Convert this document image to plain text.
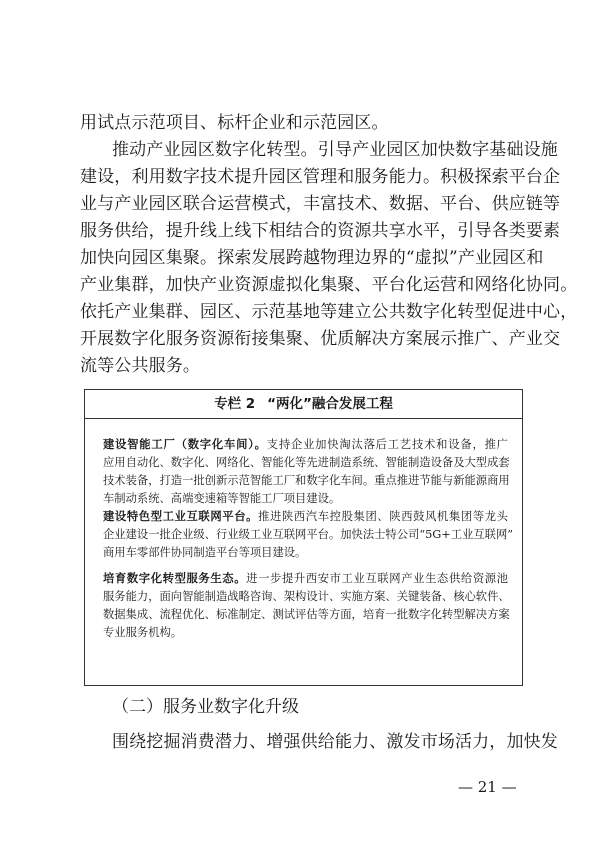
用试点示范项目、标杆企业和示范园区。
推动产业园区数字化转型。引导产业园区加快数字基础设施
建设，利用数字技术提升园区管理和服务能力。积极探索平台企
业与产业园区联合运营模式，丰富技术、数据、平台、供应链等
服务供给，提升线上线下相结合的资源共享水平，引导各类要素
加快向园区集聚。探索发展跨越物理边界的“虚拟”产业园区和
产业集群，加快产业资源虚拟化集聚、平台化运营和网络化协同。
依托产业集群、园区、示范基地等建立公共数字化转型促进中心，
开展数字化服务资源衔接集聚、优质解决方案展示推广、产业交
专栏 2 “两化”融合发展工程
建设智能工厂（数字化车间）。支持企业加快淘汰落后工艺技术和设备，推广
应用自动化、数字化、网络化、智能化等先进制造系统、智能制造设备及大型成套
技术装备，打造一批创新示范智能工厂和数字化车间。重点推进节能与新能源商用
车制动系统、高端变速箱等智能工厂项目建设。
建设特色型工业互联网平台。推进陕西汽车控股集团、陕西鼓风机集团等龙头
企业建设一批企业级、行业级工业互联网平台。加快法士特公司“5G+工业互联网”
商用车零部件协同制造平台等项目建设。
培育数字化转型服务生态。进一步提升西安市工业互联网产业生态供给资源池
服务能力，面向智能制造战略咨询、架构设计、实施方案、关键装备、核心软件、
数据集成、流程优化、标准制定、测试评估等方面，培育一批数字化转型解决方案
专业服务机构。
（二）服务业数字化升级
围绕挖掘消费潜力、增强供给能力、激发市场活力，加快发
— 21 —
流等公共服务。
